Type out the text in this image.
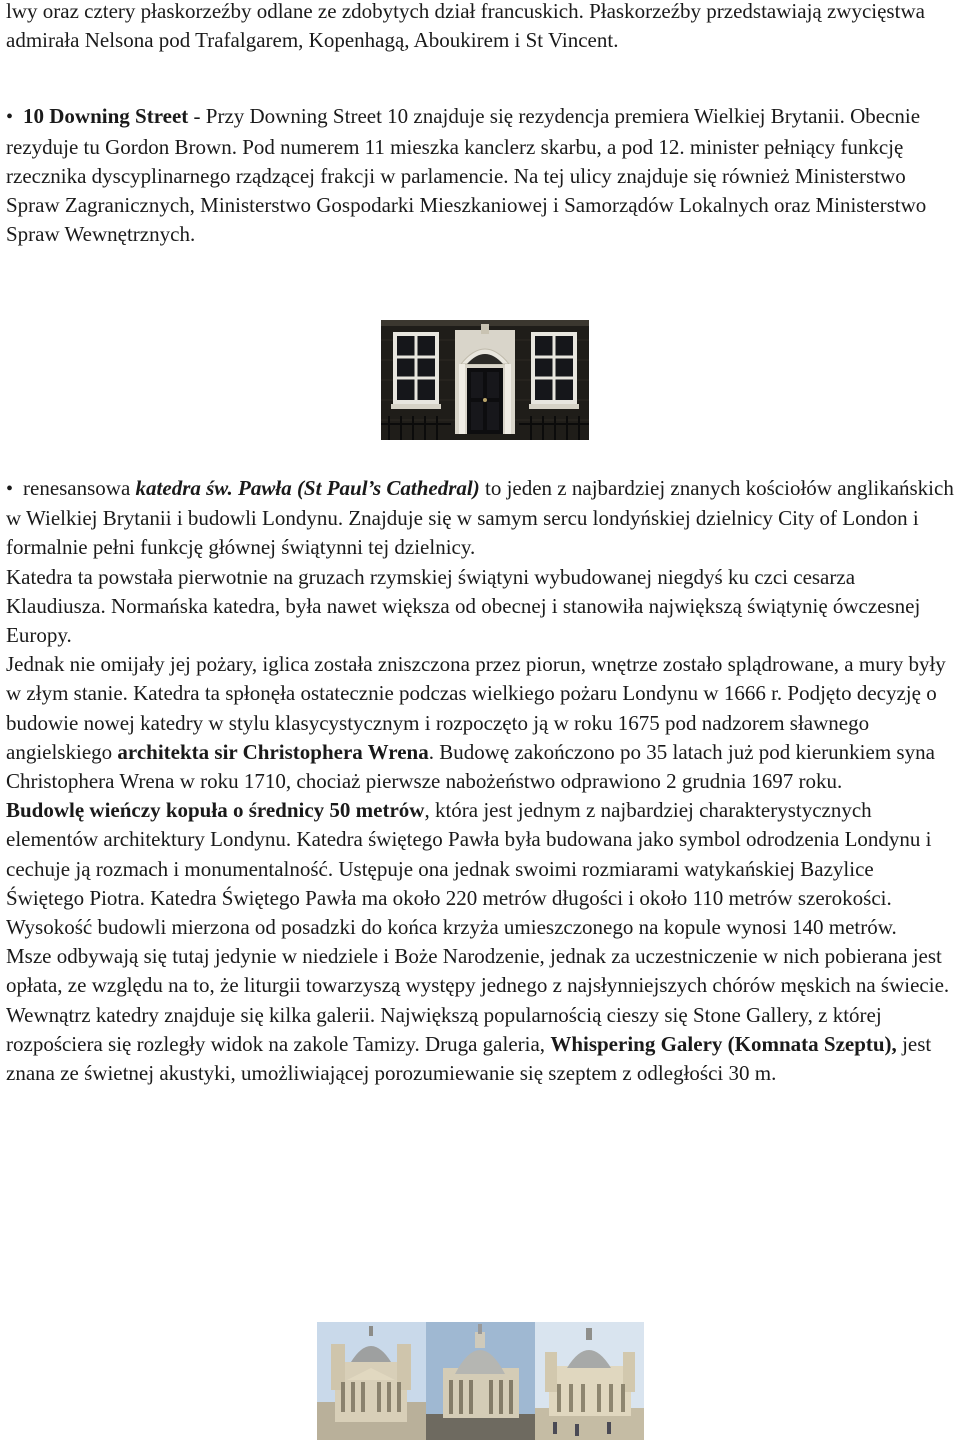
lwy oraz cztery płaskorzeźby odlane ze zdobytych dział francuskich. Płaskorzeźby przedstawiają zwycięstwa admirała Nelsona pod Trafalgarem, Kopenhagą, Aboukirem i St Vincent.

• 10 Downing Street - Przy Downing Street 10 znajduje się rezydencja premiera Wielkiej Brytanii. Obecnie rezyduje tu Gordon Brown. Pod numerem 11 mieszka kanclerz skarbu, a pod 12. minister pełniący funkcję rzecznika dyscyplinarnego rządzącej frakcji w parlamencie. Na tej ulicy znajduje się również Ministerstwo Spraw Zagranicznych, Ministerstwo Gospodarki Mieszkaniowej i Samorządów Lokalnych oraz Ministerstwo Spraw Wewnętrznych.

• renesansowa katedra św. Pawła (St Paul’s Cathedral) to jeden z najbardziej znanych kościołów anglikańskich w Wielkiej Brytanii i budowli Londynu. Znajduje się w samym sercu londyńskiej dzielnicy City of London i formalnie pełni funkcję głównej świątynni tej dzielnicy.

Katedra ta powstała pierwotnie na gruzach rzymskiej świątyni wybudowanej niegdyś ku czci cesarza Klaudiusza. Normańska katedra, była nawet większa od obecnej i stanowiła największą świątynię ówczesnej Europy.

Jednak nie omijały jej pożary, iglica została zniszczona przez piorun, wnętrze zostało splądrowane, a mury były w złym stanie. Katedra ta spłonęła ostatecznie podczas wielkiego pożaru Londynu w 1666 r. Podjęto decyzję o budowie nowej katedry w stylu klasycystycznym i rozpoczęto ją w roku 1675 pod nadzorem sławnego angielskiego architekta sir Christophera Wrena. Budowę zakończono po 35 latach już pod kierunkiem syna Christophera Wrena w roku 1710, chociaż pierwsze nabożeństwo odprawiono 2 grudnia 1697 roku.

Budowlę wieńczy kopuła o średnicy 50 metrów, która jest jednym z najbardziej charakterystycznych elementów architektury Londynu. Katedra świętego Pawła była budowana jako symbol odrodzenia Londynu i cechuje ją rozmach i monumentalność. Ustępuje ona jednak swoimi rozmiarami watykańskiej Bazylice Świętego Piotra. Katedra Świętego Pawła ma około 220 metrów długości i około 110 metrów szerokości. Wysokość budowli mierzona od posadzki do końca krzyża umieszczonego na kopule wynosi 140 metrów.

Msze odbywają się tutaj jedynie w niedziele i Boże Narodzenie, jednak za uczestniczenie w nich pobierana jest opłata, ze względu na to, że liturgii towarzyszą występy jednego z najsłynniejszych chórów męskich na świecie.

Wewnątrz katedry znajduje się kilka galerii. Największą popularnością cieszy się Stone Gallery, z której rozpościera się rozległy widok na zakole Tamizy. Druga galeria, Whispering Galery (Komnata Szeptu), jest znana ze świetnej akustyki, umożliwiającej porozumiewanie się szeptem z odległości 30 m.
